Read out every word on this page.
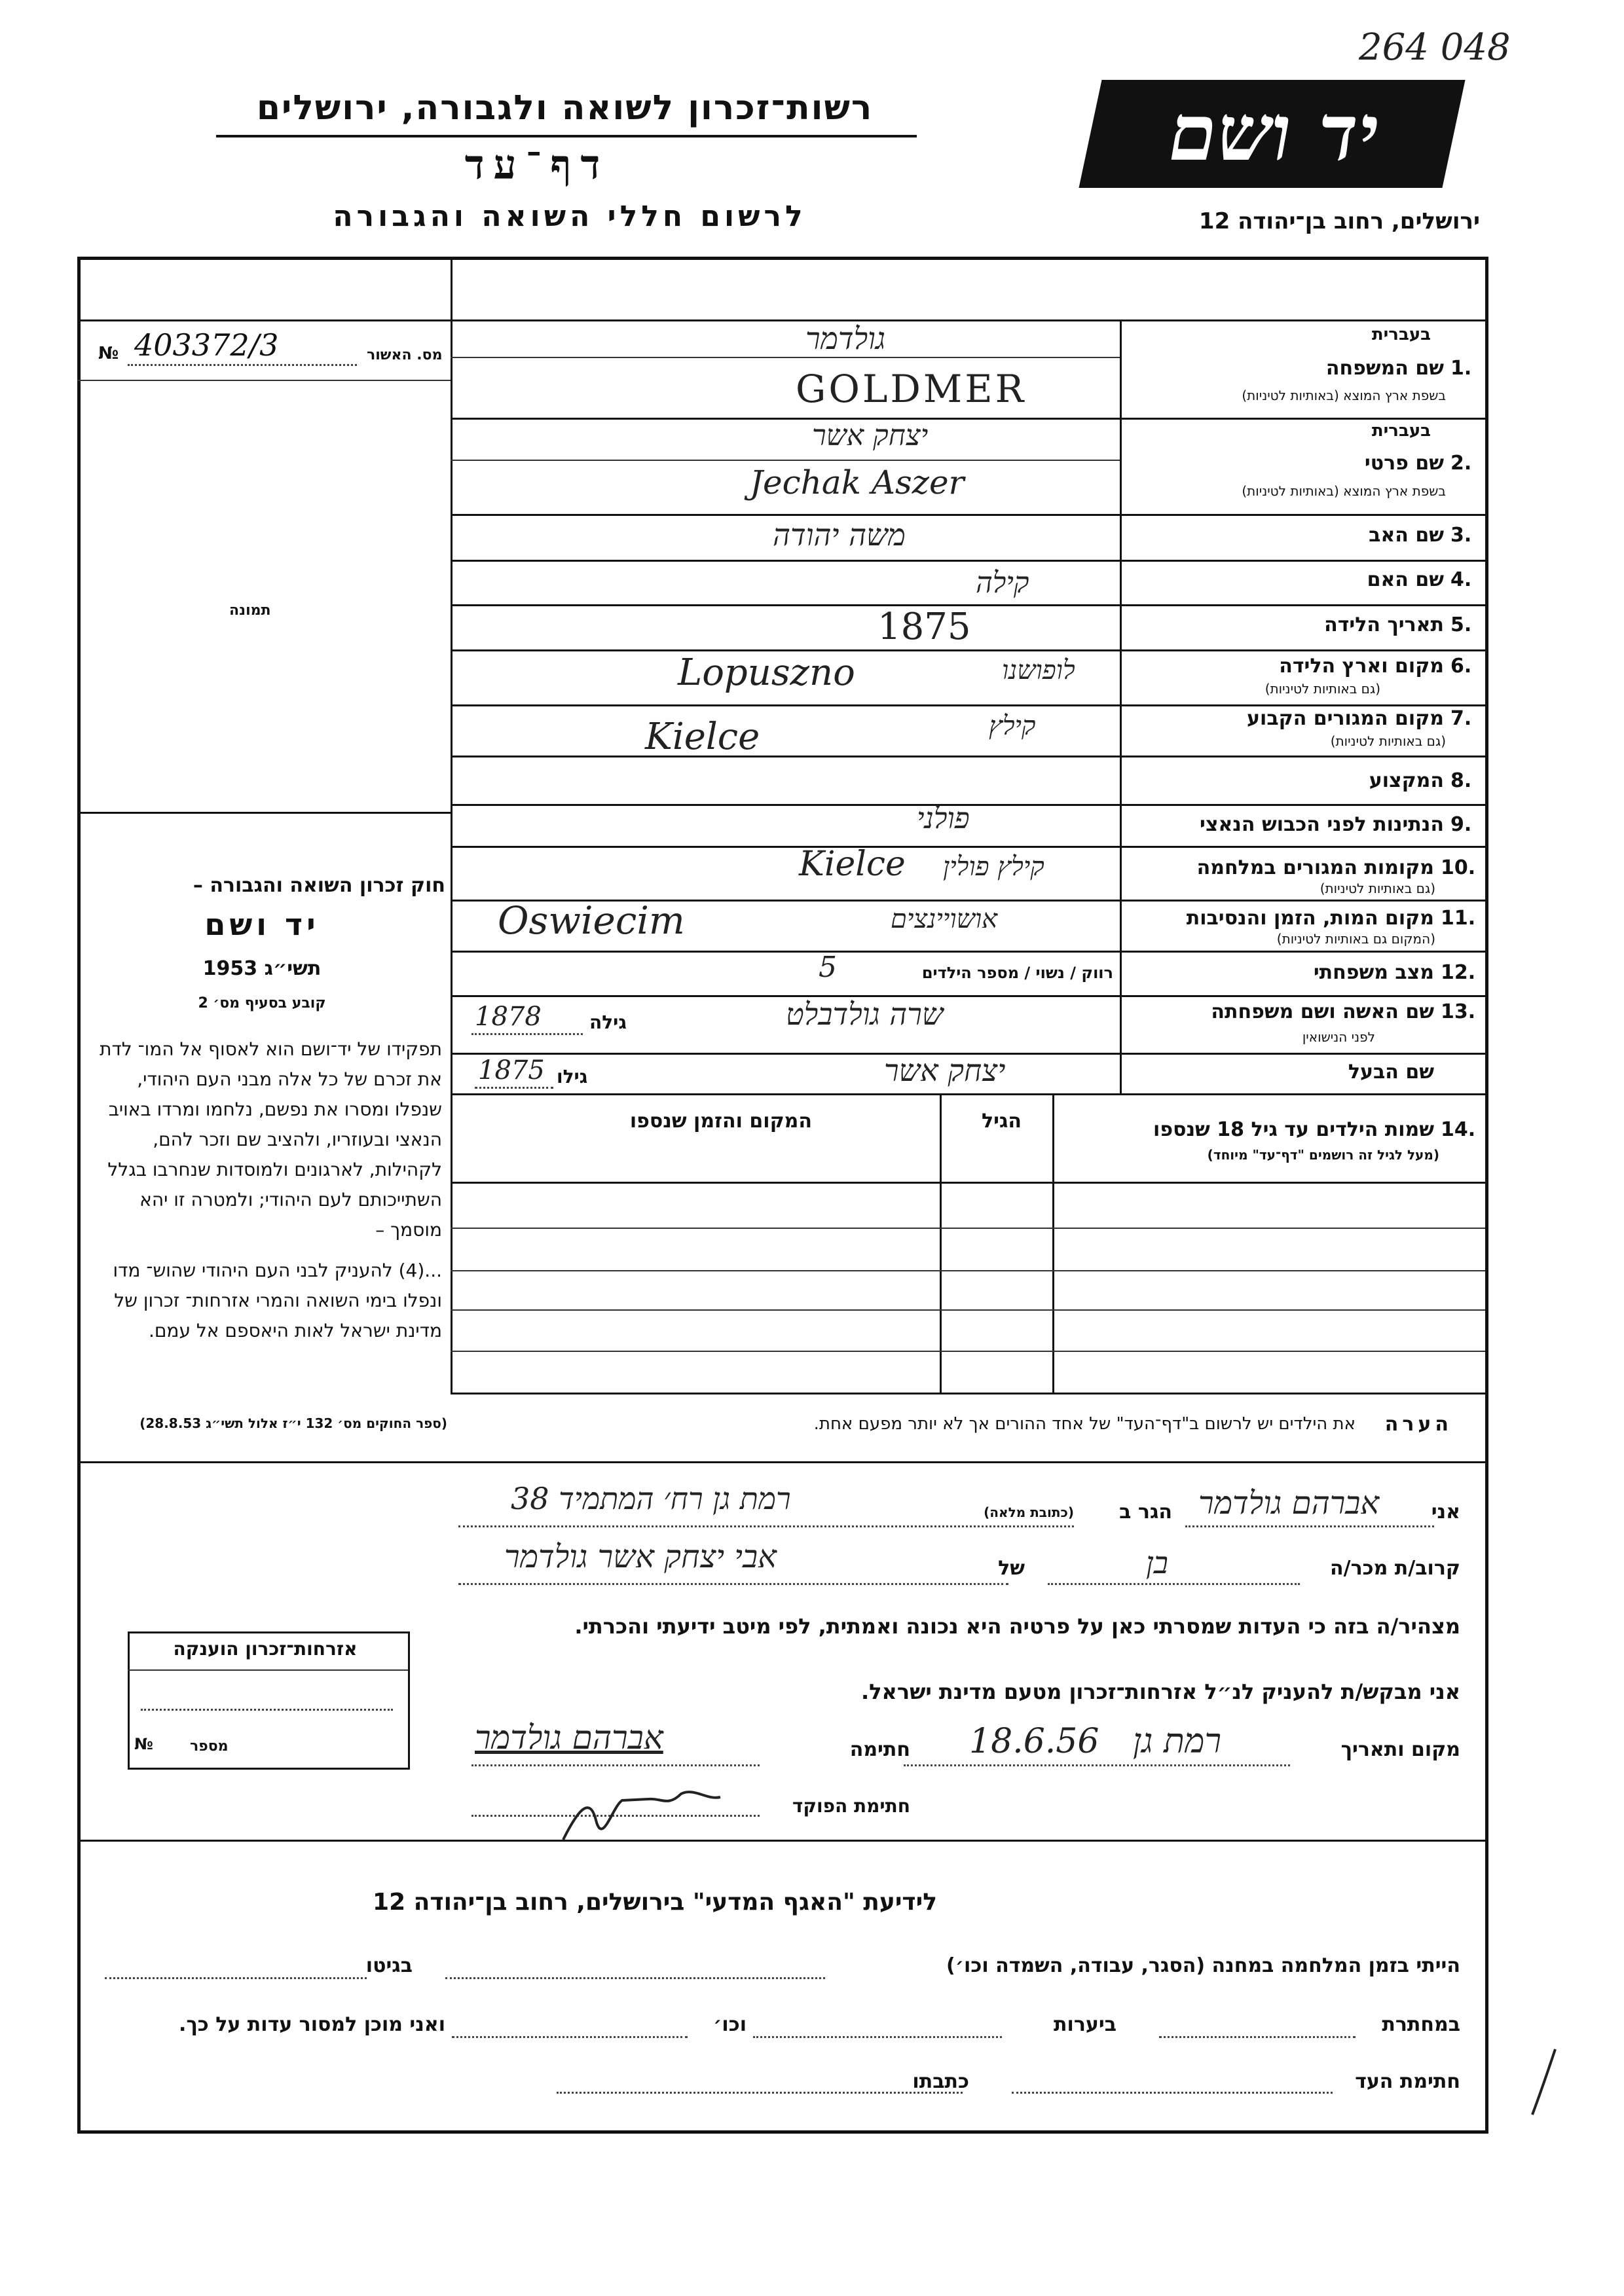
264 048
יד ושם
רשות־זכרון לשואה ולגבורה, ירושלים
דף־עד
לרשום חללי השואה והגבורה	ירושלים, רחוב בן־יהודה 12
מס. האשור
403372/3
№
תמונה
חוק זכרון השואה והגבורה –
יד ושם
תשי״ג 1953
קובע בסעיף מס׳ 2
תפקידו של יד־ושם הוא לאסוף אל המו־ לדת את זכרם של כל אלה מבני העם היהודי, שנפלו ומסרו את נפשם, נלחמו ומרדו באויב הנאצי ובעוזריו, ולהציב שם וזכר להם, לקהילות, לארגונים ולמוסדות שנחרבו בגלל השתייכותם לעם היהודי; ולמטרה זו יהא מוסמך –
...(4) להעניק לבני העם היהודי שהוש־ מדו ונפלו בימי השואה והמרי אזרחות־ זכרון של מדינת ישראל לאות היאספם אל עמם.
(ספר החוקים מס׳ 132 י״ז אלול תשי״ג 28.8.53)
1.
בעברית
שם המשפחה
בשפת ארץ המוצא (באותיות לטיניות)
גולדמר
GOLDMER
2.
בעברית
שם פרטי
בשפת ארץ המוצא (באותיות לטיניות)
יצחק אשר
Jechak Aszer
3.
שם האב
משה יהודה
4.
שם האם
קילה
5.
תאריך הלידה
1875
6.
מקום וארץ הלידה
(גם באותיות לטיניות)
לופושנו
Lopuszno
7.
מקום המגורים הקבוע
(גם באותיות לטיניות)
קילץ
Kielce
8.
המקצוע
9.
הנתינות לפני הכבוש הנאצי
פולני
10.
מקומות המגורים במלחמה
(גם באותיות לטיניות)
קילץ פולין
Kielce
11.
מקום המות, הזמן והנסיבות
(המקום גם באותיות לטיניות)
אושויינצים
Oswiecim
12.
מצב משפחתי
רווק / נשוי / מספר הילדים
5
13.
שם האשה ושם משפחתה
לפני הנישואין
שרה גולדבלט
גילה
1878
שם הבעל
יצחק אשר
גילו
1875
14.
שמות הילדים עד גיל 18 שנספו
(מעל לגיל זה רושמים "דף־עד" מיוחד)
הגיל
המקום והזמן שנספו
הערה
את הילדים יש לרשום ב"דף־העד" של אחד ההורים אך לא יותר מפעם אחת.
אני
אברהם גולדמר
הגר ב
(כתובת מלאה)
רמת גן רח׳ המתמיד 38
קרוב/ת מכר/ה
בן
של
אבי יצחק אשר גולדמר
מצהיר/ה בזה כי העדות שמסרתי כאן על פרטיה היא נכונה ואמתית, לפי מיטב ידיעתי והכרתי.
אני מבקש/ת להעניק לנ״ל אזרחות־זכרון מטעם מדינת ישראל.
מקום ותאריך
רמת גן
18.6.56
חתימה
אברהם גולדמר
חתימת הפוקד
אזרחות־זכרון הוענקה
מספר
№
לידיעת "האגף המדעי" בירושלים, רחוב בן־יהודה 12
הייתי בזמן המלחמה במחנה (הסגר, עבודה, השמדה וכו׳)
בגיטו
במחתרת
ביערות
וכו׳
ואני מוכן למסור עדות על כך.
חתימת העד
כתבתו
